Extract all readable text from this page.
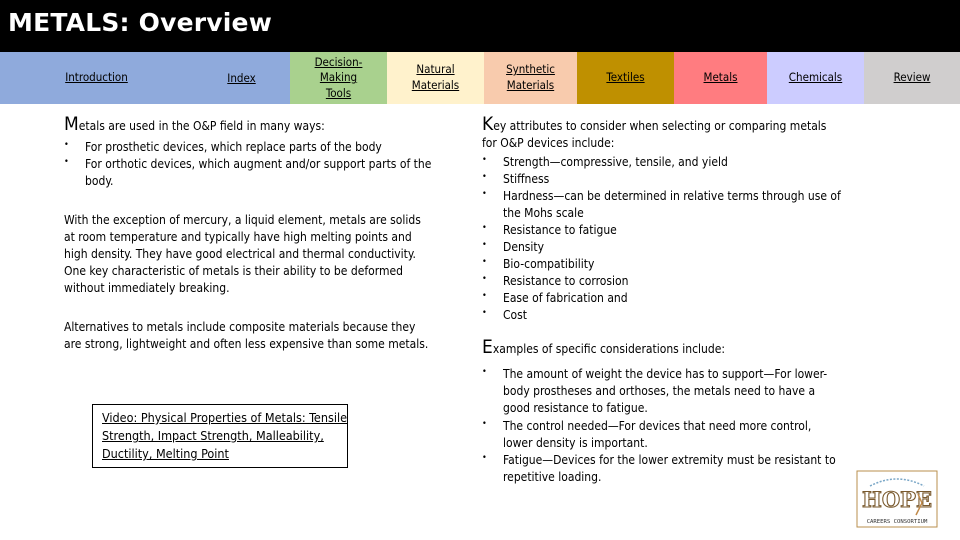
METALS: Overview
Introduction	Index
Decision-Making Tools
Natural Materials
Synthetic Materials
Textiles	Metals	Chemicals	Review

Metals are used in the O&P field in many ways:

• For prosthetic devices, which replace parts of the body
• For orthotic devices, which augment and/or support parts of the body.

With the exception of mercury, a liquid element, metals are solids at room temperature and typically have high melting points and high density. They have good electrical and thermal conductivity. One key characteristic of metals is their ability to be deformed without immediately breaking.

Alternatives to metals include composite materials because they are strong, lightweight and often less expensive than some metals.

Video: Physical Properties of Metals: Tensile Strength, Impact Strength, Malleability, Ductility, Melting Point

Key attributes to consider when selecting or comparing metals for O&P devices include:

• Strength—compressive, tensile, and yield
• Stiffness
• Hardness—can be determined in relative terms through use of the Mohs scale
• Resistance to fatigue
• Density
• Bio-compatibility
• Resistance to corrosion
• Ease of fabrication and
• Cost

Examples of specific considerations include:

• The amount of weight the device has to support—For lower-body prostheses and orthoses, the metals need to have a good resistance to fatigue.
• The control needed—For devices that need more control, lower density is important.
• Fatigue—Devices for the lower extremity must be resistant to repetitive loading.
HOPE
CAREERS CONSORTIUM
